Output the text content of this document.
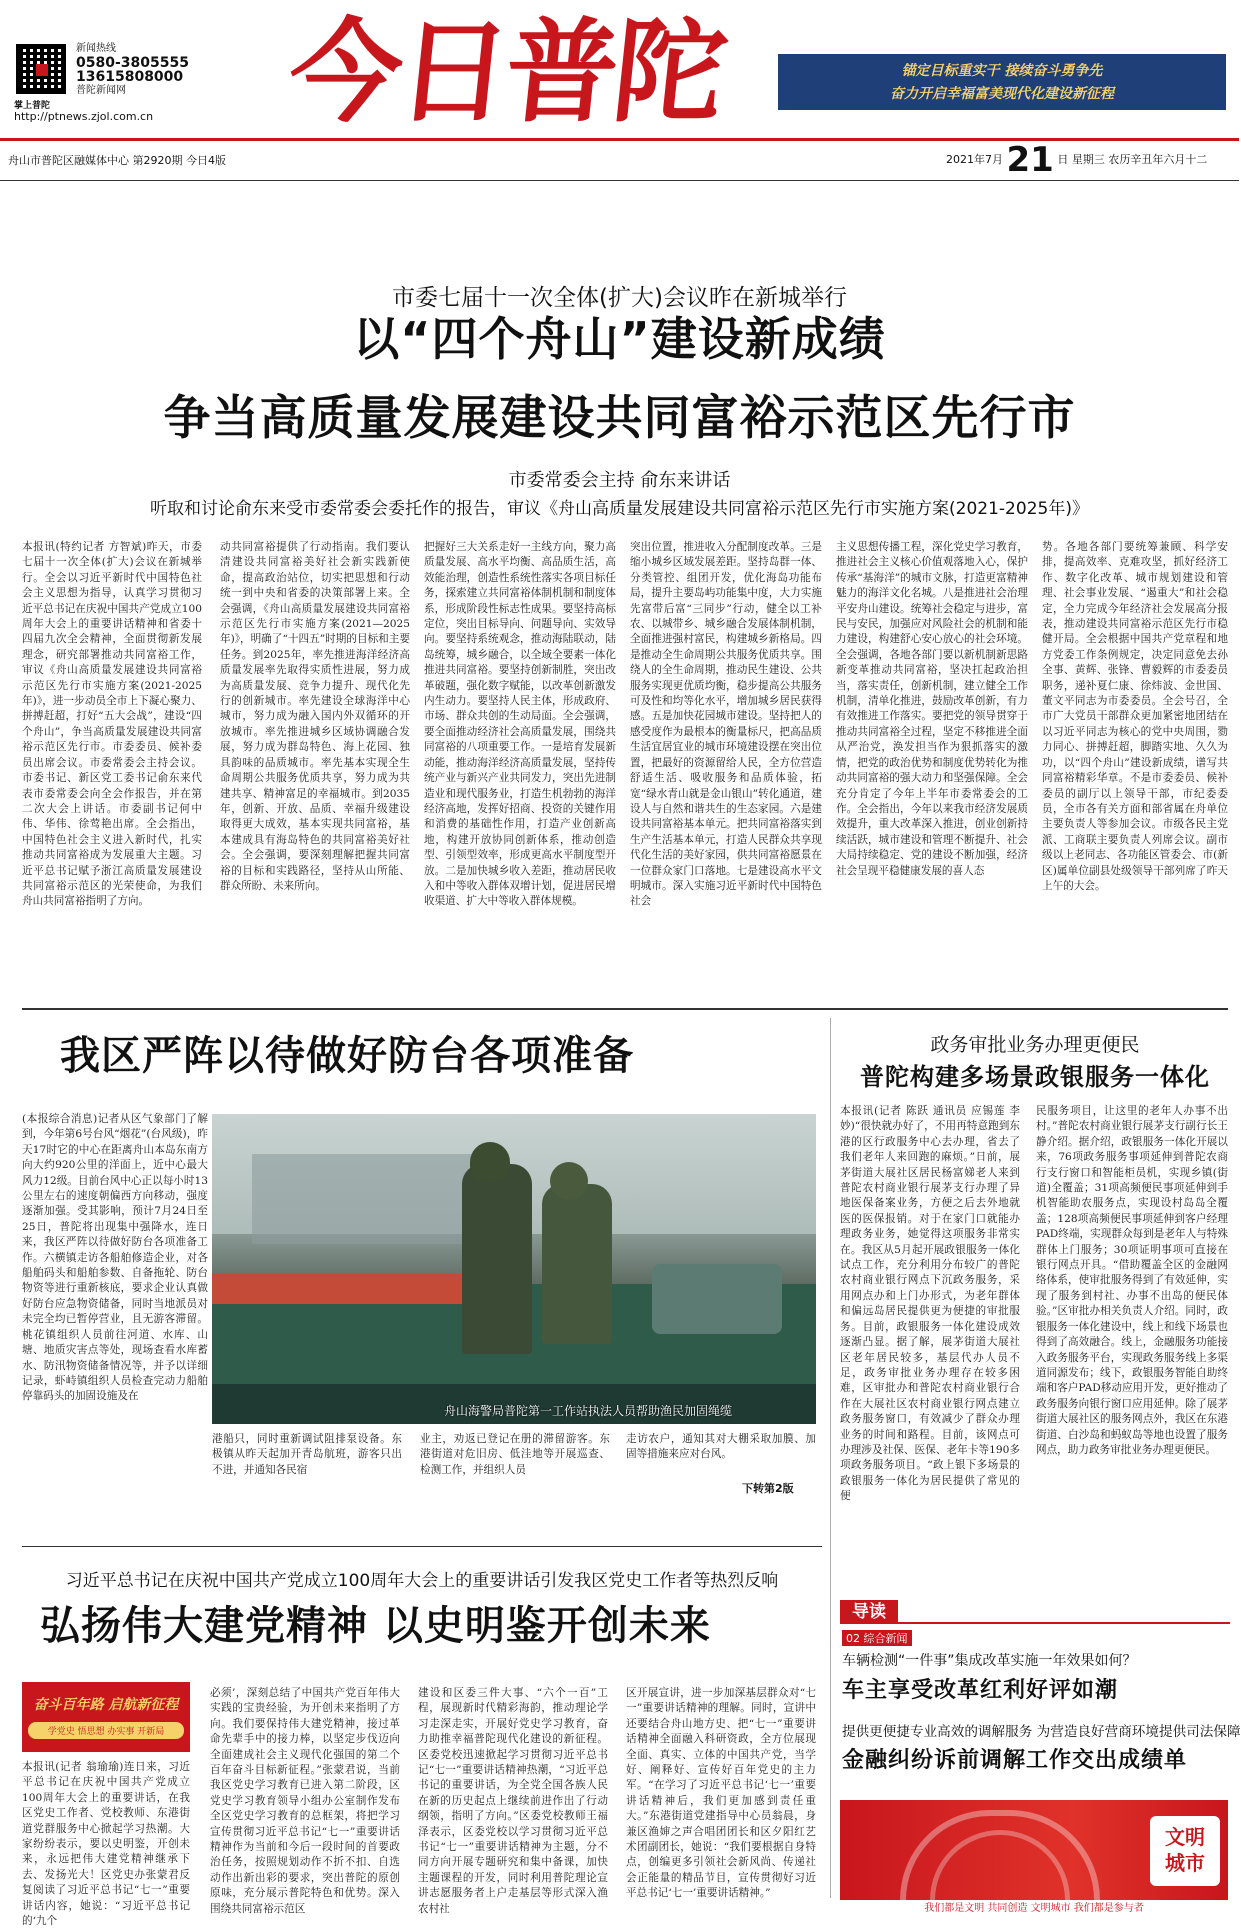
掌上普陀
新闻热线
0580-3805555
13615808000
普陀新闻网
http://ptnews.zjol.com.cn 今日普陀	锚定目标重实干 接续奋斗勇争先
奋力开启幸福富美现代化建设新征程
舟山市普陀区融媒体中心 第2920期 今日4版	2021年7月 21 日 星期三 农历辛丑年六月十二
市委七届十一次全体(扩大)会议昨在新城举行
以“四个舟山”建设新成绩
争当高质量发展建设共同富裕示范区先行市
市委常委会主持 俞东来讲话
听取和讨论俞东来受市委常委会委托作的报告，审议《舟山高质量发展建设共同富裕示范区先行市实施方案(2021-2025年)》
本报讯(特约记者 方智斌)昨天，市委七届十一次全体(扩大)会议在新城举行。全会以习近平新时代中国特色社会主义思想为指导，认真学习贯彻习近平总书记在庆祝中国共产党成立100周年大会上的重要讲话精神和省委十四届九次全会精神，全面贯彻新发展理念，研究部署推动共同富裕工作，审议《舟山高质量发展建设共同富裕示范区先行市实施方案(2021-2025年)》，进一步动员全市上下凝心聚力、拼搏赶超，打好“五大会战”，建设“四个舟山”，争当高质量发展建设共同富裕示范区先行市。市委委员、候补委员出席会议。市委常委会主持会议。市委书记、新区党工委书记俞东来代表市委常委会向全会作报告，并在第二次大会上讲话。市委副书记何中伟、华伟、徐莺艳出席。全会指出，中国特色社会主义进入新时代，扎实推动共同富裕成为发展重大主题。习近平总书记赋予浙江高质量发展建设共同富裕示范区的光荣使命，为我们舟山共同富裕指明了方向。
动共同富裕提供了行动指南。我们要认清建设共同富裕美好社会新实践新使命，提高政治站位，切实把思想和行动统一到中央和省委的决策部署上来。全会强调，《舟山高质量发展建设共同富裕示范区先行市实施方案(2021—2025年)》，明确了“十四五”时期的目标和主要任务。到2025年，率先推进海洋经济高质量发展率先取得实质性进展，努力成为高质量发展、竞争力提升、现代化先行的创新城市。率先建设全球海洋中心城市，努力成为融入国内外双循环的开放城市。率先推进城乡区域协调融合发展，努力成为群岛特色、海上花园、独具韵味的品质城市。率先基本实现全生命周期公共服务优质共享，努力成为共建共享、精神富足的幸福城市。到2035年，创新、开放、品质、幸福升级建设取得更大成效，基本实现共同富裕，基本建成具有海岛特色的共同富裕美好社会。全会强调，要深刻理解把握共同富裕的目标和实践路径，坚持从山所能、群众所盼、未来所向。
把握好三大关系走好一主线方向，聚力高质量发展、高水平均衡、高品质生活，高效能治理，创造性系统性落实各项目标任务，探索建立共同富裕体制机制和制度体系，形成阶段性标志性成果。要坚持高标定位，突出目标导向、问题导向、实效导向。要坚持系统观念，推动海陆联动，陆岛统筹，城乡融合，以全域全要素一体化推进共同富裕。要坚持创新制胜，突出改革破题，强化数字赋能，以改革创新激发内生动力。要坚持人民主体，形成政府、市场、群众共创的生动局面。全会强调，要全面推动经济社会高质量发展，围绕共同富裕的八项重要工作。一是培育发展新动能，推动海洋经济高质量发展，坚持传统产业与新兴产业共同发力，突出先进制造业和现代服务业，打造生机勃勃的海洋经济高地，发挥好招商、投资的关键作用和消费的基础性作用，打造产业创新高地，构建开放协同创新体系，推动创造型、引领型效率，形成更高水平制度型开放。二是加快城乡收入差距，推动居民收入和中等收入群体双增计划，促进居民增收渠道、扩大中等收入群体规模。
突出位置，推进收入分配制度改革。三是缩小城乡区域发展差距。坚持岛群一体、分类管控、组团开发，优化海岛功能布局，提升主要岛屿功能集中度，大力实施先富带后富“三同步”行动，健全以工补农、以城带乡、城乡融合发展体制机制，全面推进强村富民，构建城乡新格局。四是推动全生命周期公共服务优质共享。围绕人的全生命周期，推动民生建设、公共服务实现更优质均衡，稳步提高公共服务可及性和均等化水平，增加城乡居民获得感。五是加快花园城市建设。坚持把人的感受度作为最根本的衡量标尺，把高品质生活宜居宜业的城市环境建设摆在突出位置，把最好的资源留给人民，全方位营造舒适生活、吸收服务和品质体验，拓宽“绿水青山就是金山银山”转化通道，建设人与自然和谐共生的生态家园。六是建设共同富裕基本单元。把共同富裕落实到生产生活基本单元，打造人民群众共享现代化生活的美好家园，供共同富裕愿景在一位群众家门口落地。七是建设高水平文明城市。深入实施习近平新时代中国特色社会
主义思想传播工程，深化党史学习教育，推进社会主义核心价值观落地入心，保护传承“基海洋”的城市文脉，打造更富精神魅力的海洋文化名城。八是推进社会治理平安舟山建设。统筹社会稳定与进步，富民与安民，加强应对风险社会的机制和能力建设，构建舒心安心放心的社会环境。全会强调，各地各部门要以新机制新思路新变革推动共同富裕，坚决扛起政治担当，落实责任，创新机制，建立健全工作机制，清单化推进，鼓励改革创新，有力有效推进工作落实。要把党的领导贯穿于推动共同富裕全过程，坚定不移推进全面从严治党，涣发担当作为狠抓落实的激情，把党的政治优势和制度优势转化为推动共同富裕的强大动力和坚强保障。全会充分肯定了今年上半年市委常委会的工作。全会指出，今年以来我市经济发展质效提升，重大改革深入推进，创业创新持续活跃，城市建设和管理不断提升、社会大局持续稳定、党的建设不断加强，经济社会呈现平稳健康发展的喜人态
势。各地各部门要统筹兼顾、科学安排，提高效率、克难攻坚，抓好经济工作、数字化改革、城市规划建设和管理、社会事业发展、“遏重大”和社会稳定，全力完成今年经济社会发展高分报表，推动建设共同富裕示范区先行市稳健开局。全会根据中国共产党章程和地方党委工作条例规定，决定同意免去孙全事、黄辉、张锋、曹毅辉的市委委员职务，递补夏仁康、徐炜波、金世国、董文平同志为市委委员。全会号召，全市广大党员干部群众更加紧密地团结在以习近平同志为核心的党中央周围，勠力同心、拼搏赶超，脚踏实地、久久为功，以“四个舟山”建设新成绩，谱写共同富裕精彩华章。不是市委委员、候补委员的副厅以上领导干部，市纪委委员，全市各有关方面和部省属在舟单位主要负责人等参加会议。市级各民主党派、工商联主要负责人列席会议。副市级以上老同志、各功能区管委会、市(新区)属单位副县处级领导干部列席了昨天上午的大会。
我区严阵以待做好防台各项准备
(本报综合消息)记者从区气象部门了解到，今年第6号台风“烟花”(台风级)，昨天17时它的中心在距离舟山本岛东南方向大约920公里的洋面上，近中心最大风力12级。目前台风中心正以每小时13公里左右的速度朝偏西方向移动，强度逐渐加强。受其影响，预计7月24日至25日，普陀将出现集中强降水，连日来，我区严阵以待做好防台各项准备工作。六横镇走访各船舶修造企业，对各船舶码头和船舶参数、自备拖轮、防台物资等进行重新核底，要求企业认真做好防台应急物资储备，同时当地派员对未完全均已暂停营业，且无游客滞留。桃花镇组织人员前往河道、水库、山塘、地质灾害点等处，现场查看水库蓄水、防汛物资储备情况等，并予以详细记录，虾峙镇组织人员检查完动力船舶停靠码头的加固设施及在
舟山海警局普陀第一工作站执法人员帮助渔民加固绳缆
港船只，同时重新调试阻排泵设备。东极镇从昨天起加开青岛航班，游客只出不进，并通知各民宿
业主，劝返已登记在册的滞留游客。东港街道对危旧房、低洼地等开展巡查、检测工作，并组织人员
走访农户，通知其对大棚采取加膜、加固等措施来应对台风。
下转第2版
政务审批业务办理更便民
普陀构建多场景政银服务一体化
本报讯(记者 陈跃 通讯员 应锡莲 李妙)“很快就办好了，不用再特意跑到东港的区行政服务中心去办理，省去了我们老年人来回跑的麻烦。”日前，展茅街道大展社区居民杨富娣老人来到普陀农村商业银行展茅支行办理了异地医保备案业务，方便之后去外地就医的医保报销。对于在家门口就能办理政务业务，她觉得这项服务非常实在。我区从5月起开展政银服务一体化试点工作，充分利用分布较广的普陀农村商业银行网点下沉政务服务，采用网点办和上门办形式，为老年群体和偏远岛居民提供更为便捷的审批服务。目前，政银服务一体化建设成效逐渐凸显。据了解，展茅街道大展社区老年居民较多，基层代办人员不足，政务审批业务办理存在较多困难，区审批办和普陀农村商业银行合作在大展社区农村商业银行网点建立政务服务窗口，有效减少了群众办理业务的时间和路程。目前，该网点可办理涉及社保、医保、老年卡等190多项政务服务项目。“政上银下多场景的政银服务一体化为居民提供了常见的便
民服务项目，让这里的老年人办事不出村。”普陀农村商业银行展茅支行副行长王静介绍。据介绍，政银服务一体化开展以来，76项政务服务事项延伸到普陀农商行支行窗口和智能柜员机，实现乡镇(街道)全覆盖；31项高频便民事项延伸到手机智能助农服务点，实现设村岛岛全覆盖；128项高频便民事项延伸到客户经理PAD终端，实现群众每到是老年人与特殊群体上门服务；30项证明事项可直接在银行网点开具。“借助覆盖全区的金融网络体系，使审批服务得到了有效延伸，实现了服务到村社、办事不出岛的便民体验。”区审批办相关负责人介绍。同时，政银服务一体化建设中，线上和线下场景也得到了高效融合。线上，金融服务功能接入政务服务平台，实现政务服务线上多渠道同源发布；线下，政银服务智能自助终端和客户PAD移动应用开发，更好推动了政务服务向银行窗口应用延伸。除了展茅街道大展社区的服务网点外，我区在东港街道、白沙岛和蚂蚁岛等地也设置了服务网点，助力政务审批业务办理更便民。
习近平总书记在庆祝中国共产党成立100周年大会上的重要讲话引发我区党史工作者等热烈反响
弘扬伟大建党精神 以史明鉴开创未来
奋斗百年路 启航新征程
学党史 悟思想 办实事 开新局
本报讯(记者 翁瑜瑜)连日来，习近平总书记在庆祝中国共产党成立100周年大会上的重要讲话，在我区党史工作者、党校教师、东港街道党群服务中心掀起学习热潮。大家纷纷表示，要以史明鉴，开创未来，永远把伟大建党精神继承下去、发扬光大！区党史办张蒙君反复阅读了习近平总书记“七一”重要讲话内容，她说：“习近平总书记的‘九个
必须’，深刻总结了中国共产党百年伟大实践的宝贵经验，为开创未来指明了方向。我们要保持伟大建党精神，接过革命先辈手中的接力棒，以坚定步伐迈向全面建成社会主义现代化强国的第二个百年奋斗目标新征程。”张蒙君说，当前我区党史学习教育已进入第二阶段，区党史学习教育领导小组办公室制作发布全区党史学习教育的总框架，将把学习宣传贯彻习近平总书记“七一”重要讲话精神作为当前和今后一段时间的首要政治任务，按照规划动作不折不扣、自选动作出新出彩的要求，突出普陀的原创原味，充分展示普陀特色和优势。深入围绕共同富裕示范区
建设和区委三件大事、“六个一百”工程，展现新时代精彩海韵，推动理论学习走深走实，开展好党史学习教育，奋力助推幸福普陀现代化建设的新征程。区委党校迅速掀起学习贯彻习近平总书记“七一”重要讲话精神热潮，“习近平总书记的重要讲话，为全党全国各族人民在新的历史起点上继续前进作出了行动纲领，指明了方向。”区委党校教师王福泽表示，区委党校以学习贯彻习近平总书记“七一”重要讲话精神为主题，分不同方向开展专题研究和集中备课，加快主题课程的开发，同时利用普陀理论宣讲志愿服务者上户走基层等形式深入渔农村社
区开展宣讲，进一步加深基层群众对“七一”重要讲话精神的理解。同时，宣讲中还要结合舟山地方史、把“七一”重要讲话精神全面融入科研资政，全方位展现全面、真实、立体的中国共产党，当学好、阐释好、宣传好百年党史的主力军。“在学习了习近平总书记‘七一’重要讲话精神后，我们更加感到责任重大。”东港街道党建指导中心员翁晨，身兼区渔婶之声合唱团团长和区夕阳红艺术团副团长，她说：“我们要根据自身特点，创编更多引领社会新风尚、传递社会正能量的精品节目，宣传贯彻好习近平总书记‘七一’重要讲话精神。”
导读
02 综合新闻
车辆检测“一件事”集成改革实施一年效果如何？
车主享受改革红利好评如潮
提供更便捷专业高效的调解服务 为营造良好营商环境提供司法保障
金融纠纷诉前调解工作交出成绩单
文明
城市
我们都是文明 共同创造 文明城市 我们都是参与者
